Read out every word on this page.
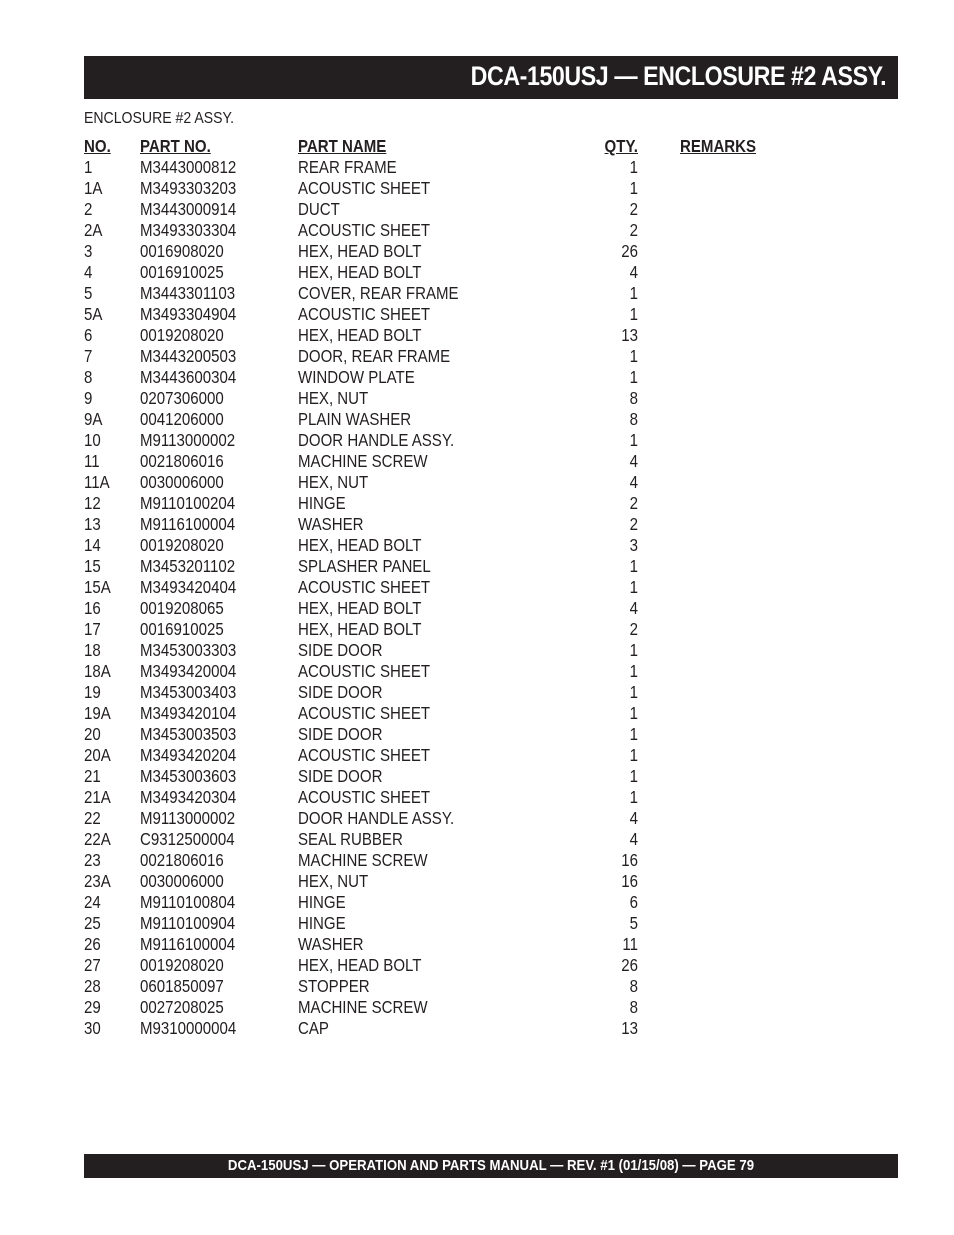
DCA-150USJ — ENCLOSURE #2 ASSY.
ENCLOSURE #2 ASSY.
NO. PART NO.	PART NAME	QTY. REMARKS
1	M3443000812	REAR FRAME	1
1A M3493303203	ACOUSTIC SHEET	1
2	M3443000914	DUCT	2
2A M3493303304	ACOUSTIC SHEET	2
3	0016908020	HEX, HEAD BOLT	26
4	0016910025	HEX, HEAD BOLT	4
5	M3443301103	COVER, REAR FRAME	1
5A M3493304904	ACOUSTIC SHEET	1
6	0019208020	HEX, HEAD BOLT	13
7	M3443200503	DOOR, REAR FRAME	1
8	M3443600304	WINDOW PLATE	1
9	0207306000	HEX, NUT	8
9A 0041206000	PLAIN WASHER	8
10 M9113000002	DOOR HANDLE ASSY.	1
11 0021806016	MACHINE SCREW	4
11A 0030006000	HEX, NUT	4
12 M9110100204	HINGE	2
13 M9116100004	WASHER	2
14 0019208020	HEX, HEAD BOLT	3
15 M3453201102	SPLASHER PANEL	1
15A M3493420404	ACOUSTIC SHEET	1
16 0019208065	HEX, HEAD BOLT	4
17 0016910025	HEX, HEAD BOLT	2
18 M3453003303	SIDE DOOR	1
18A M3493420004	ACOUSTIC SHEET	1
19 M3453003403	SIDE DOOR	1
19A M3493420104	ACOUSTIC SHEET	1
20 M3453003503	SIDE DOOR	1
20A M3493420204	ACOUSTIC SHEET	1
21 M3453003603	SIDE DOOR	1
21A M3493420304	ACOUSTIC SHEET	1
22 M9113000002	DOOR HANDLE ASSY.	4
22A C9312500004	SEAL RUBBER	4
23 0021806016	MACHINE SCREW	16
23A 0030006000	HEX, NUT	16
24 M9110100804	HINGE	6
25 M9110100904	HINGE	5
26 M9116100004	WASHER	11
27 0019208020	HEX, HEAD BOLT	26
28 0601850097	STOPPER	8
29 0027208025	MACHINE SCREW	8
30 M9310000004	CAP	13
DCA-150USJ — OPERATION AND PARTS MANUAL — REV. #1 (01/15/08) — PAGE 79
